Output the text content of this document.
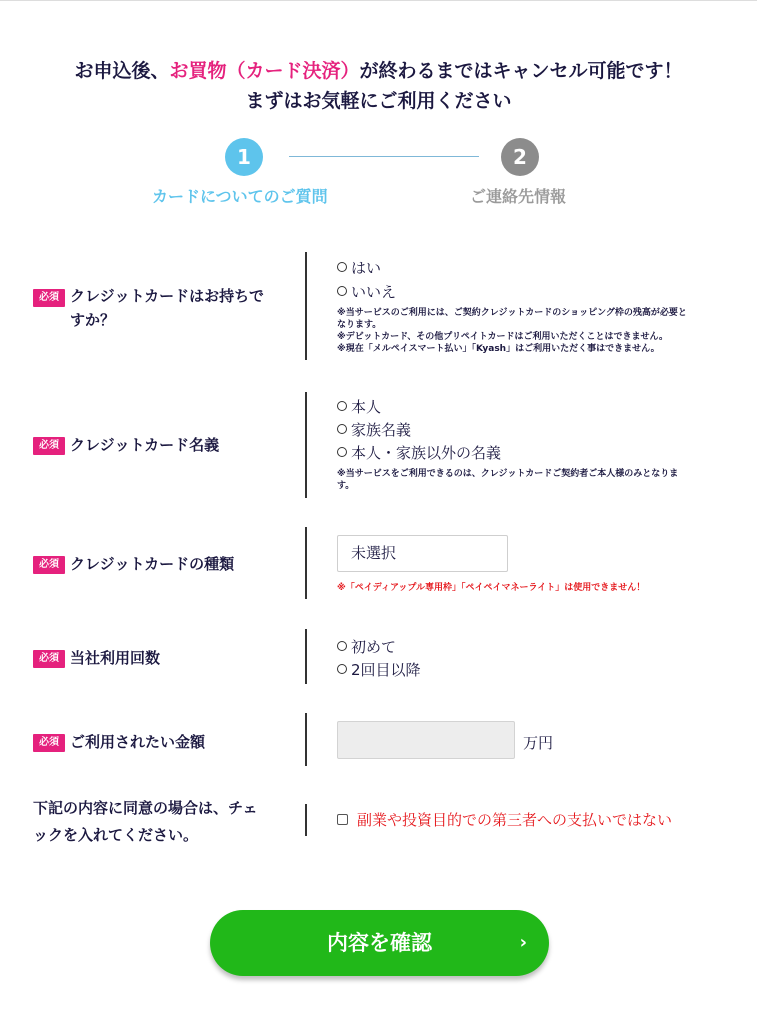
お申込後、お買物（カード決済）が終わるまではキャンセル可能です！
まずはお気軽にご利用ください
1	2
カードについてのご質問	ご連絡先情報
必須 クレジットカードはお持ちで
すか？
はい
いいえ
※当サービスのご利用には、ご契約クレジットカードのショッピング枠の残高が必要と
なります。
※デビットカード、その他プリペイトカードはご利用いただくことはできません。
※現在「メルペイスマート払い」「Kyash」はご利用いただく事はできません。
必須 クレジットカード名義
本人
家族名義
本人・家族以外の名義
※当サービスをご利用できるのは、クレジットカードご契約者ご本人様のみとなりま
す。
必須 クレジットカードの種類
未選択
※「ペイディアップル専用枠」「ペイペイマネーライト」は使用できません！
必須 当社利用回数
初めて
2回目以降
必須 ご利用されたい金額	万円
下記の内容に同意の場合は、チェ
ックを入れてください。
副業や投資目的での第三者への支払いではない
内容を確認	›
